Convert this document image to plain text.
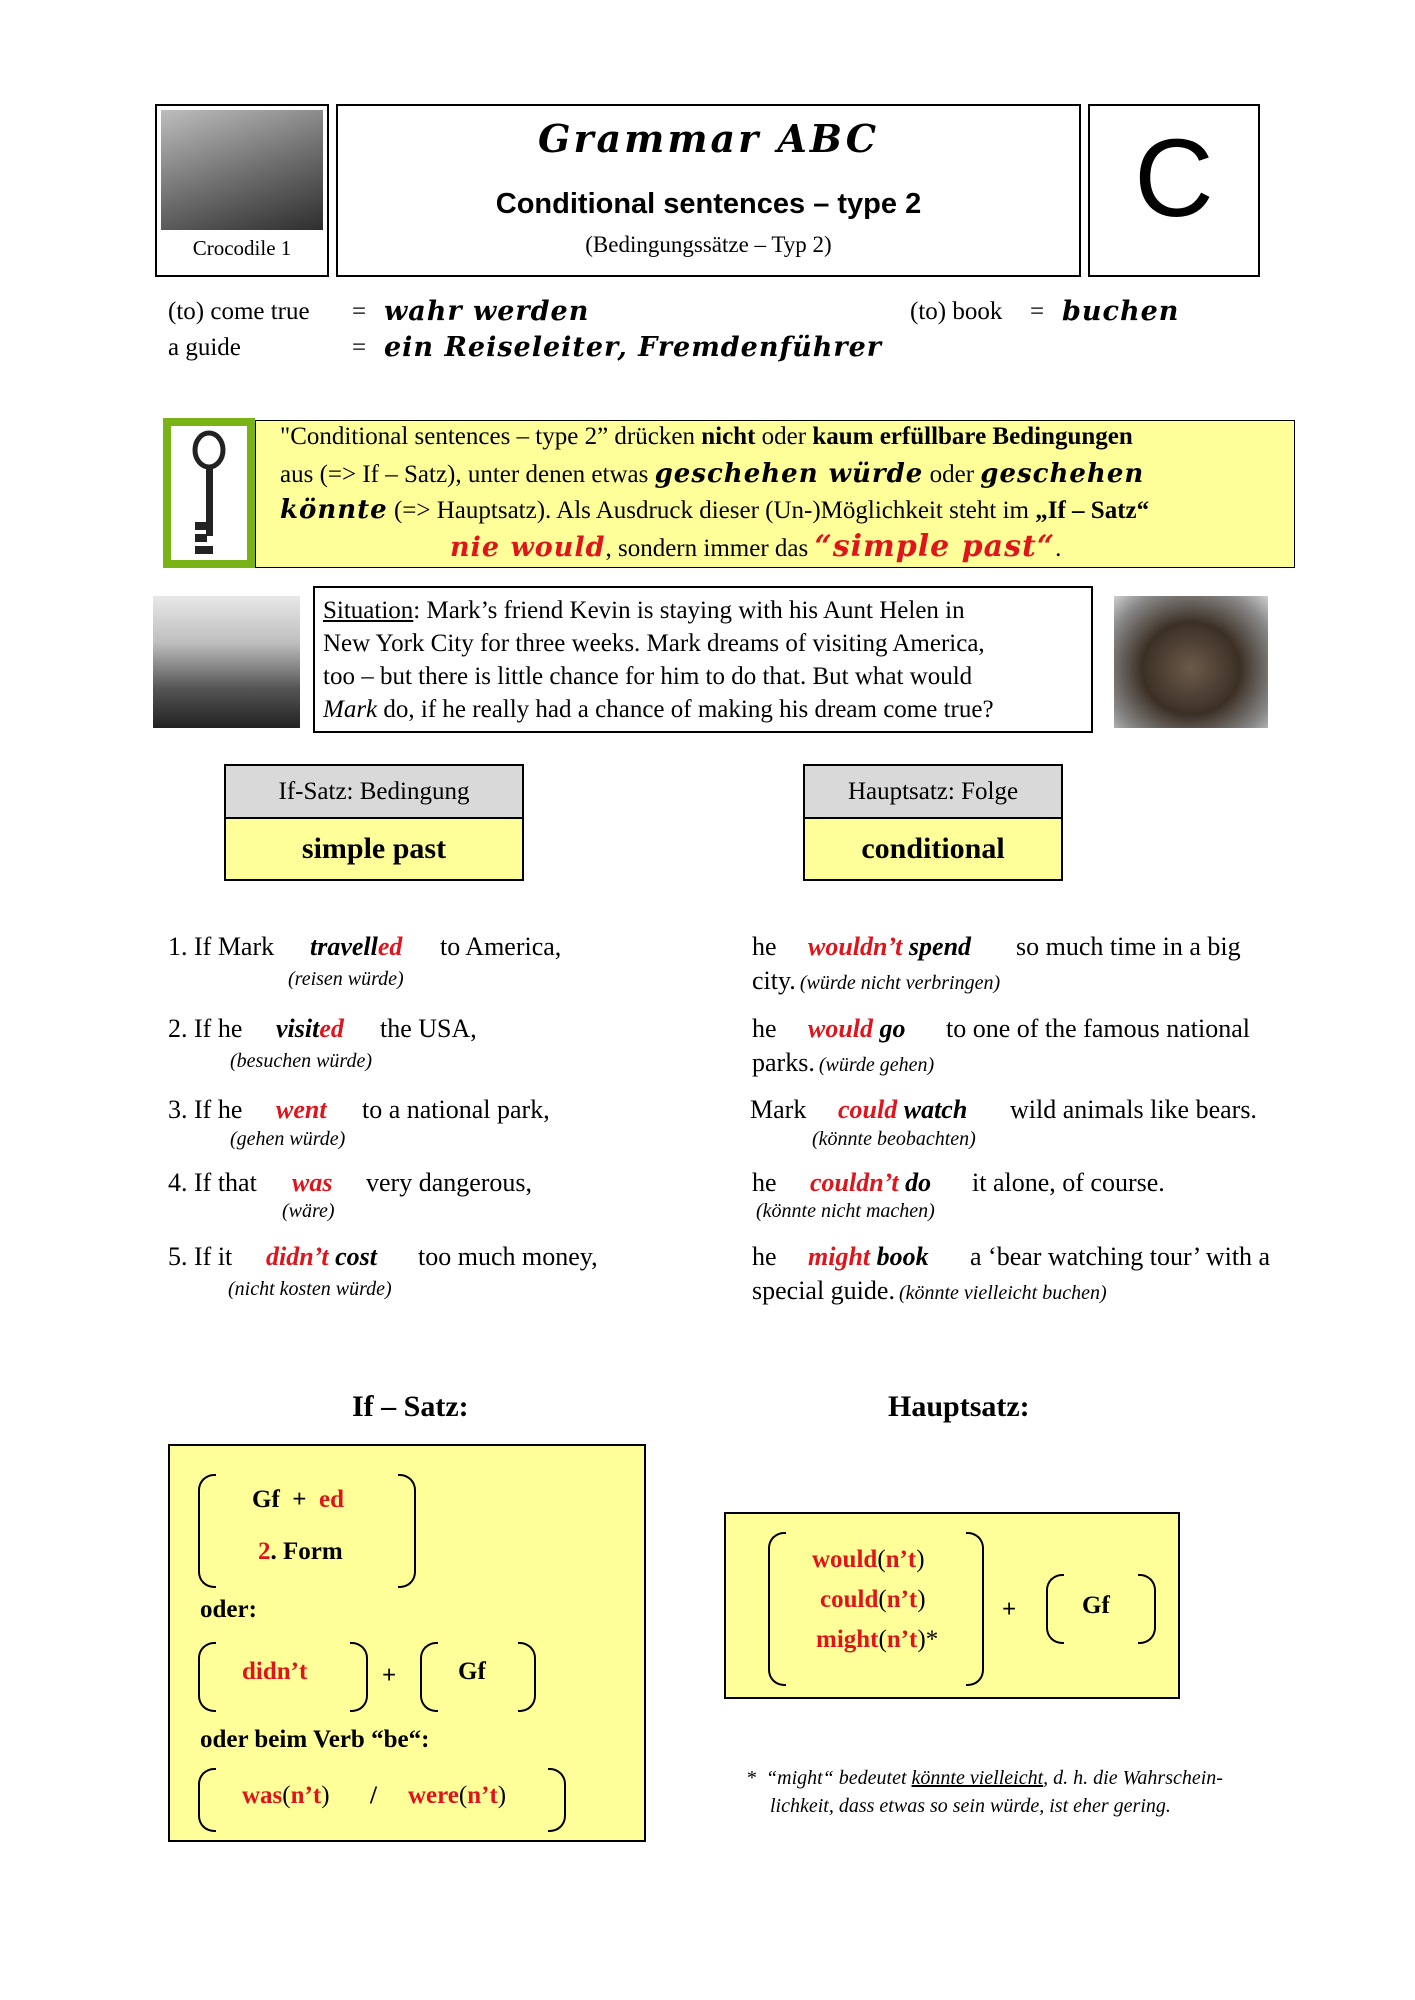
Crocodile 1
Grammar ABC
Conditional sentences – type 2
(Bedingungssätze – Typ 2)
C
(to) come true = wahr werden
a guide	= ein Reiseleiter, Fremdenführer
(to) book = buchen
"Conditional sentences – type 2” drücken nicht oder kaum erfüllbare Bedingungen
aus (=> If – Satz), unter denen etwas geschehen würde oder geschehen
könnte (=> Hauptsatz). Als Ausdruck dieser (Un-)Möglichkeit steht im „If – Satz“
nie would, sondern immer das “simple past“.
Situation: Mark’s friend Kevin is staying with his Aunt Helen in
New York City for three weeks. Mark dreams of visiting America,
too – but there is little chance for him to do that. But what would
Mark do, if he really had a chance of making his dream come true?
If-Satz: Bedingung
simple past
Hauptsatz: Folge
conditional
1. If Mark travelled to America,
(reisen würde)
he wouldn’t spend so much time in a big
city. (würde nicht verbringen)
2. If he visited the USA,
(besuchen würde)
he would go to one of the famous national
parks. (würde gehen)
3. If he went to a national park,
(gehen würde)
Mark could watch wild animals like bears.
(könnte beobachten)
4. If that was very dangerous,
(wäre)
he couldn’t do it alone, of course.
(könnte nicht machen)
5. If it didn’t cost too much money,
(nicht kosten würde)
he might book a ‘bear watching tour’ with a
special guide. (könnte vielleicht buchen)
If – Satz:	Hauptsatz:
Gf + ed
2. Form
oder:
didn’t	+ Gf
oder beim Verb “be“:
was(n’t) / were(n’t)
would(n’t)
could(n’t)
might(n’t)*
+	Gf
* “might“ bedeutet könnte vielleicht, d. h. die Wahrschein-
lichkeit, dass etwas so sein würde, ist eher gering.
